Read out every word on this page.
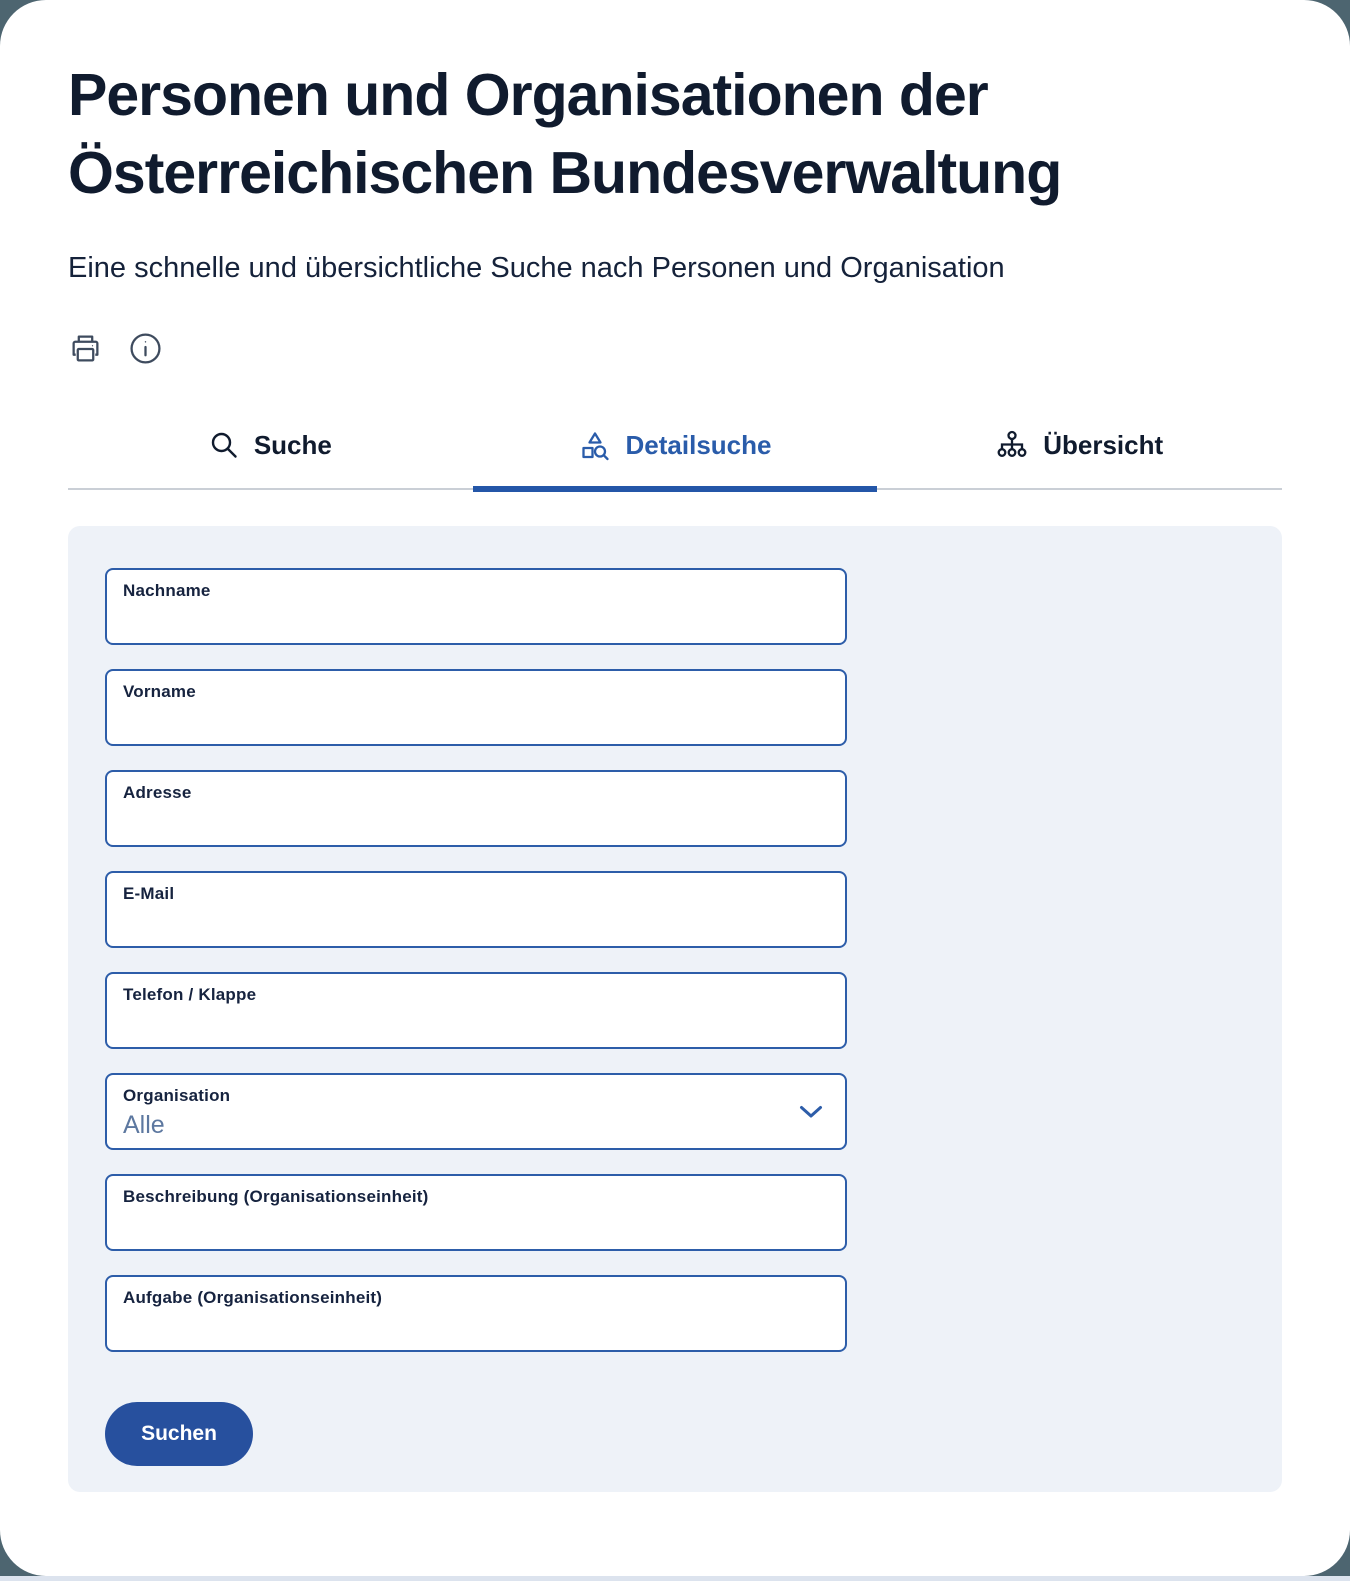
Personen und Organisationen der Österreichischen Bundesverwaltung

Eine schnelle und übersichtliche Suche nach Personen und Organisation

Suche	Detailsuche	Übersicht
Nachname
Vorname
Adresse
E-Mail
Telefon / Klappe
Organisation
Alle
Beschreibung (Organisationseinheit)
Aufgabe (Organisationseinheit)
Suchen
